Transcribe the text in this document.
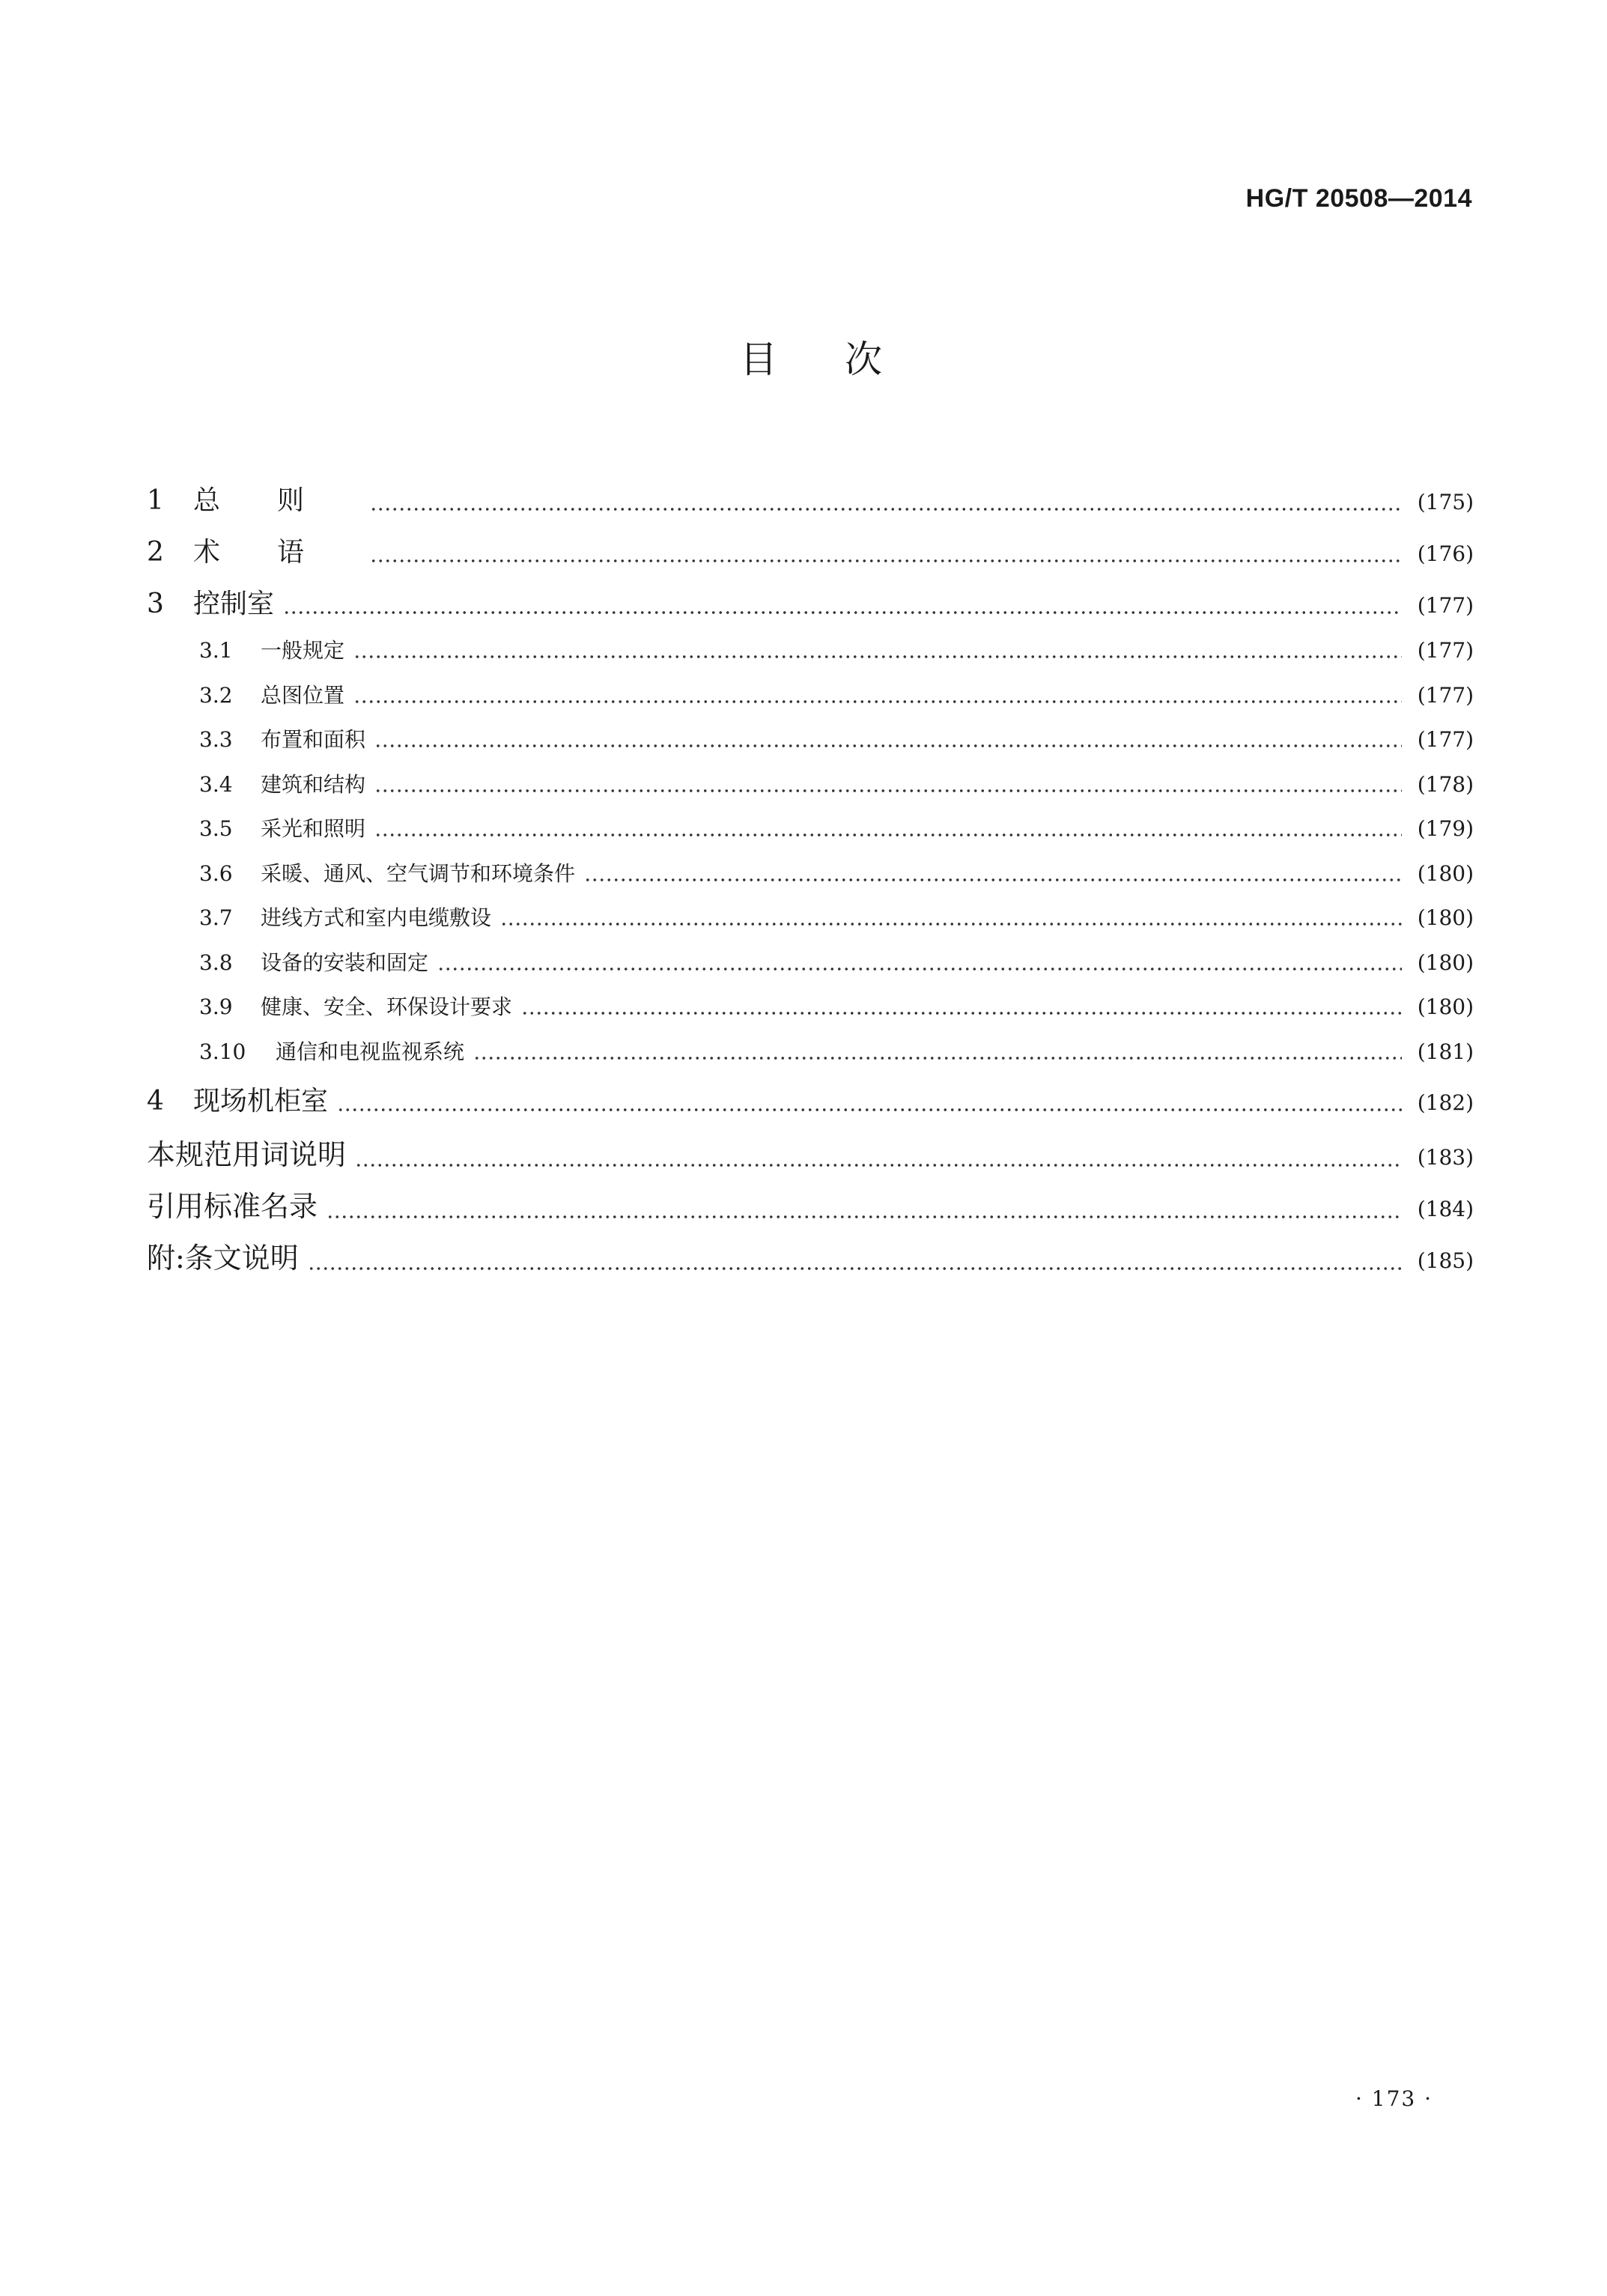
HG/T 20508—2014
目次
1	总则	(175)
2	术语	(176)
3	控制室	(177)
3.1	一般规定	(177)
3.2	总图位置	(177)
3.3	布置和面积	(177)
3.4	建筑和结构	(178)
3.5	采光和照明	(179)
3.6	采暖、通风、空气调节和环境条件	(180)
3.7	进线方式和室内电缆敷设	(180)
3.8	设备的安装和固定	(180)
3.9	健康、安全、环保设计要求	(180)
3.10	通信和电视监视系统	(181)
4	现场机柜室	(182)
本规范用词说明	(183)
引用标准名录	(184)
附:条文说明	(185)
· 173 ·
